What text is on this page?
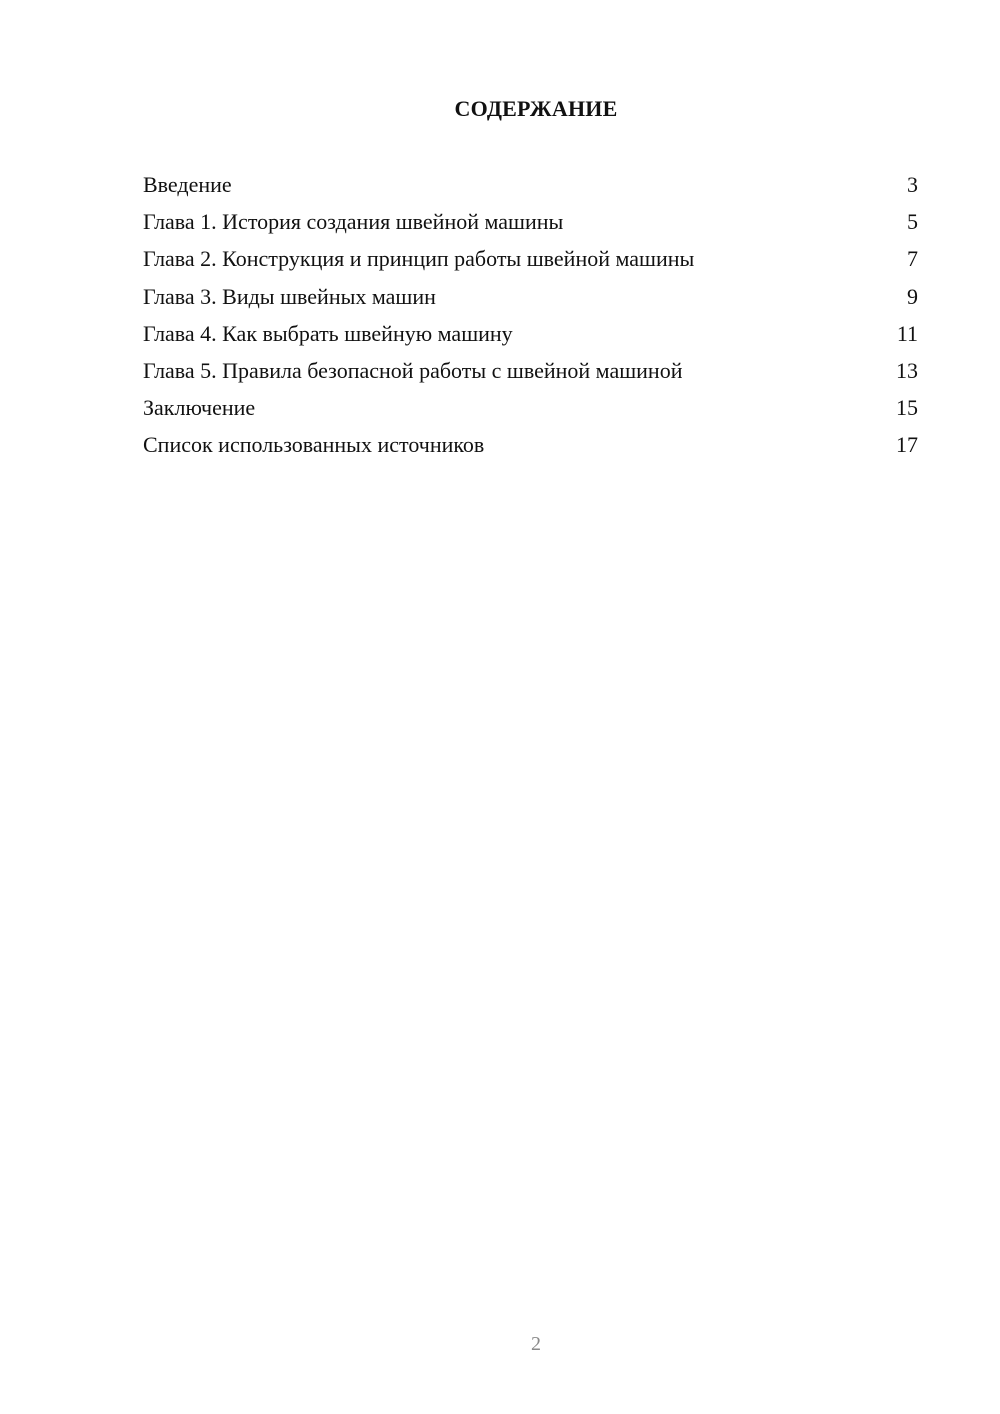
СОДЕРЖАНИЕ
Введение	3
Глава 1. История создания швейной машины	5
Глава 2. Конструкция и принцип работы швейной машины	7
Глава 3. Виды швейных машин	9
Глава 4. Как выбрать швейную машину	11
Глава 5. Правила безопасной работы с швейной машиной	13
Заключение	15
Список использованных источников	17
2
